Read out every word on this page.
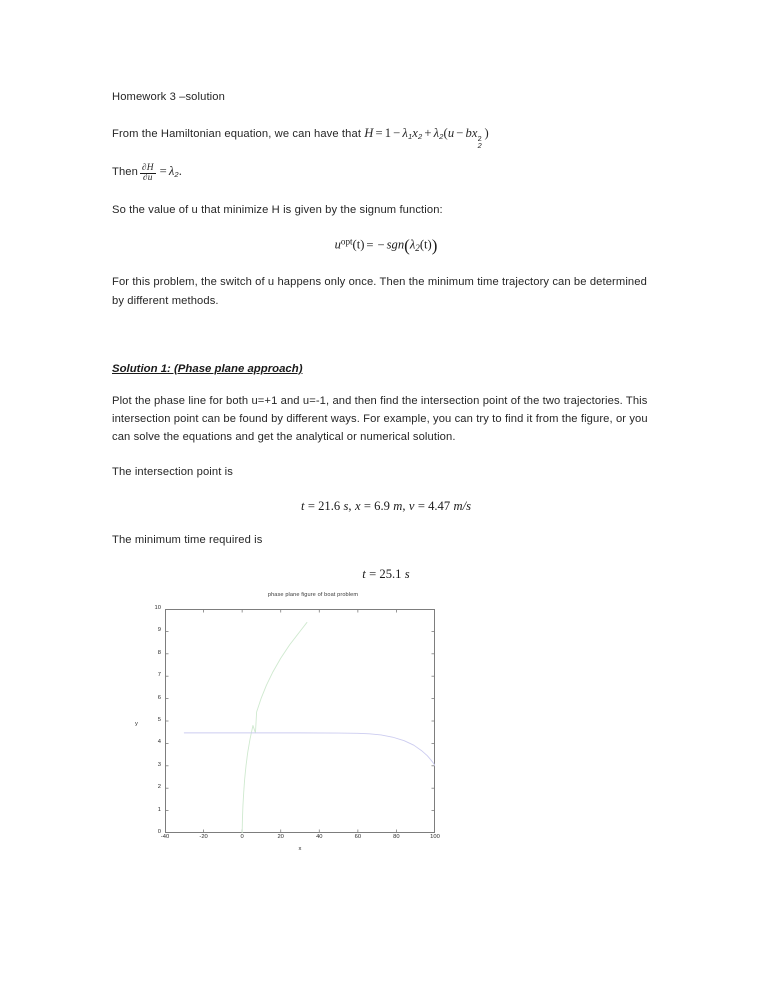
Homework 3 –solution

From the Hamiltonian equation, we can have that $H = 1 - \lambda_1x_2 + \lambda_2(u$ − bx 2
2
)

Then $\frac{\partial H}{\partial u} = \lambda_2$.

So the value of u that minimize H is given by the signum function:

$u^{opt}(t)$ = − $sgn(\lambda_2(t))$

For this problem, the switch of u happens only once. Then the minimum time trajectory can be determined by different methods.

Solution 1: (Phase plane approach)

Plot the phase line for both u=+1 and u=-1, and then find the intersection point of the two trajectories. This intersection point can be found by different ways. For example, you can try to find it from the figure, or you can solve the equations and get the analytical or numerical solution.

The intersection point is

t = 21.6 s, x = 6.9 m, v = 4.47 m/s

The minimum time required is

t = 25.1 s
phase plane figure of boat problem
0
1
2
3
4
5
6
7
8
9
10
-40	-20	0	20	40	60	80	100
y
x
